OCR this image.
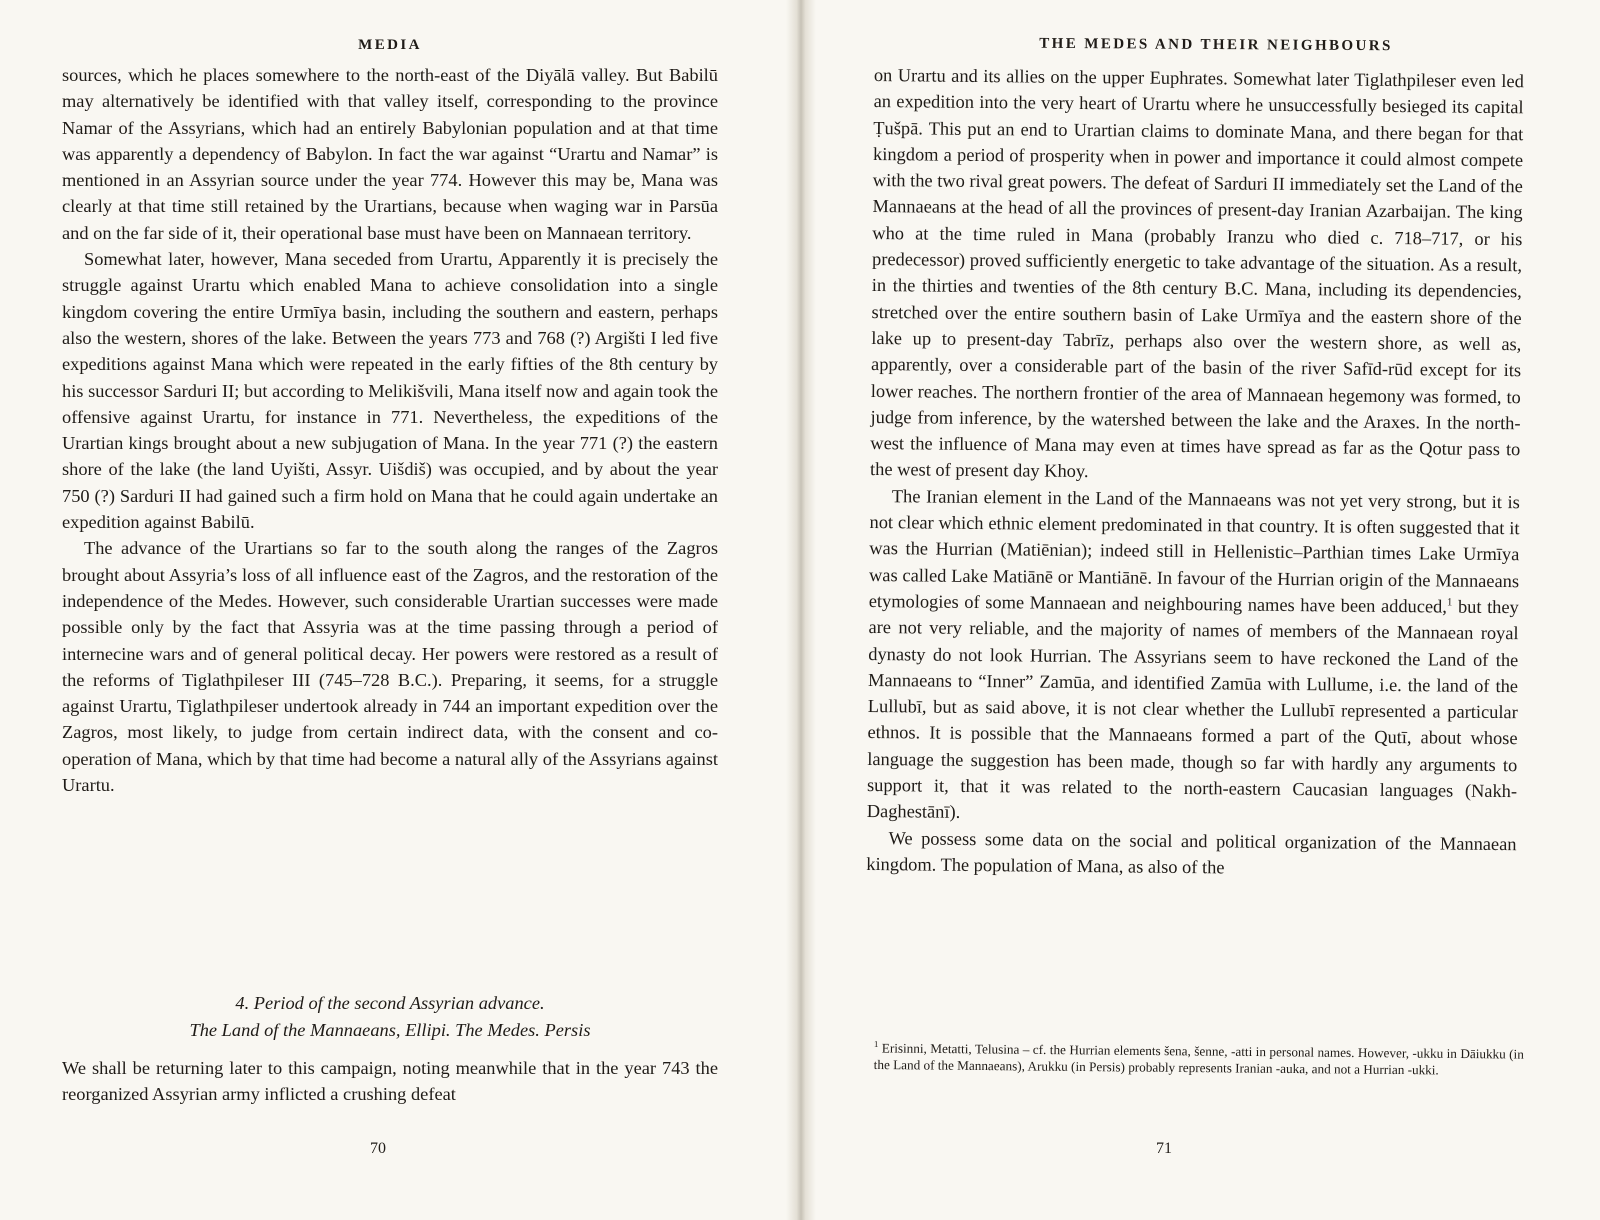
MEDIA

sources, which he places somewhere to the north-east of the Diyālā valley. But Babilū may alternatively be identified with that valley itself, corresponding to the province Namar of the Assyrians, which had an entirely Babylonian population and at that time was apparently a dependency of Babylon. In fact the war against “Urartu and Namar” is mentioned in an Assyrian source under the year 774. However this may be, Mana was clearly at that time still retained by the Urartians, because when waging war in Parsūa and on the far side of it, their operational base must have been on Mannaean territory.

Somewhat later, however, Mana seceded from Urartu, Apparently it is precisely the struggle against Urartu which enabled Mana to achieve consolidation into a single kingdom covering the entire Urmīya basin, including the southern and eastern, perhaps also the western, shores of the lake. Between the years 773 and 768 (?) Argišti I led five expeditions against Mana which were repeated in the early fifties of the 8th century by his successor Sarduri II; but according to Melikišvili, Mana itself now and again took the offensive against Urartu, for instance in 771. Nevertheless, the expeditions of the Urartian kings brought about a new subjugation of Mana. In the year 771 (?) the eastern shore of the lake (the land Uyišti, Assyr. Uišdiš) was occupied, and by about the year 750 (?) Sarduri II had gained such a firm hold on Mana that he could again undertake an expedition against Babilū.

The advance of the Urartians so far to the south along the ranges of the Zagros brought about Assyria’s loss of all influence east of the Zagros, and the restoration of the independence of the Medes. However, such considerable Urartian successes were made possible only by the fact that Assyria was at the time passing through a period of internecine wars and of general political decay. Her powers were restored as a result of the reforms of Tiglathpileser III (745–728 B.C.). Preparing, it seems, for a struggle against Urartu, Tiglathpileser undertook already in 744 an important expedition over the Zagros, most likely, to judge from certain indirect data, with the consent and co-operation of Mana, which by that time had become a natural ally of the Assyrians against Urartu.

4. Period of the second Assyrian advance.
The Land of the Mannaeans, Ellipi. The Medes. Persis
We shall be returning later to this campaign, noting meanwhile that in the year 743 the reorganized Assyrian army inflicted a crushing defeat
70
THE MEDES AND THEIR NEIGHBOURS

on Urartu and its allies on the upper Euphrates. Somewhat later Tiglathpileser even led an expedition into the very heart of Urartu where he unsuccessfully besieged its capital Ṭušpā. This put an end to Urartian claims to dominate Mana, and there began for that kingdom a period of prosperity when in power and importance it could almost compete with the two rival great powers. The defeat of Sarduri II immediately set the Land of the Mannaeans at the head of all the provinces of present-day Iranian Azarbaijan. The king who at the time ruled in Mana (probably Iranzu who died c. 718–717, or his predecessor) proved sufficiently energetic to take advantage of the situation. As a result, in the thirties and twenties of the 8th century B.C. Mana, including its dependencies, stretched over the entire southern basin of Lake Urmīya and the eastern shore of the lake up to present-day Tabrīz, perhaps also over the western shore, as well as, apparently, over a considerable part of the basin of the river Safīd-rūd except for its lower reaches. The northern frontier of the area of Mannaean hegemony was formed, to judge from inference, by the watershed between the lake and the Araxes. In the north-west the influence of Mana may even at times have spread as far as the Qotur pass to the west of present day Khoy.

The Iranian element in the Land of the Mannaeans was not yet very strong, but it is not clear which ethnic element predominated in that country. It is often suggested that it was the Hurrian (Matiēnian); indeed still in Hellenistic–Parthian times Lake Urmīya was called Lake Matiānē or Mantiānē. In favour of the Hurrian origin of the Mannaeans etymologies of some Mannaean and neighbouring names have been adduced,$^1$ but they are not very reliable, and the majority of names of members of the Mannaean royal dynasty do not look Hurrian. The Assyrians seem to have reckoned the Land of the Mannaeans to “Inner” Zamūa, and identified Zamūa with Lullume, i.e. the land of the Lullubī, but as said above, it is not clear whether the Lullubī represented a particular ethnos. It is possible that the Mannaeans formed a part of the Qutī, about whose language the suggestion has been made, though so far with hardly any arguments to support it, that it was related to the north-eastern Caucasian languages (Nakh-Daghestānī).

We possess some data on the social and political organization of the Mannaean kingdom. The population of Mana, as also of the

$^1$ Erisinni, Metatti, Telusina – cf. the Hurrian elements šena, šenne, -atti in personal names. However, -ukku in Dāiukku (in the Land of the Mannaeans), Arukku (in Persis) probably represents Iranian -auka, and not a Hurrian -ukki.
71
